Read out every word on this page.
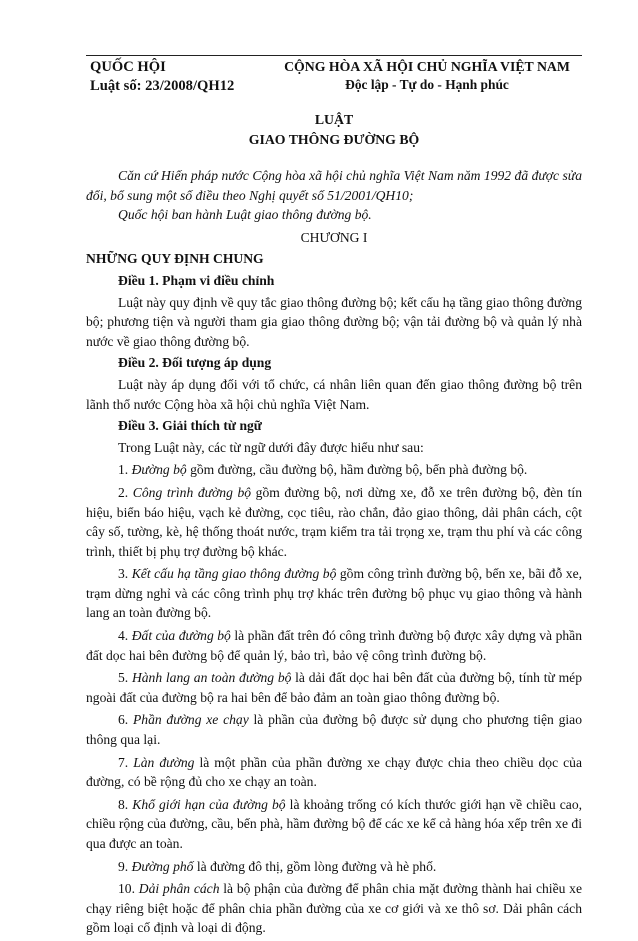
QUỐC HỘI
Luật số: 23/2008/QH12
CỘNG HÒA XÃ HỘI CHỦ NGHĨA VIỆT NAM
Độc lập - Tự do - Hạnh phúc
LUẬT
GIAO THÔNG ĐƯỜNG BỘ

Căn cứ Hiến pháp nước Cộng hòa xã hội chủ nghĩa Việt Nam năm 1992 đã được sửa đổi, bổ sung một số điều theo Nghị quyết số 51/2001/QH10;

Quốc hội ban hành Luật giao thông đường bộ.

CHƯƠNG I
NHỮNG QUY ĐỊNH CHUNG
Điều 1. Phạm vi điều chỉnh

Luật này quy định về quy tắc giao thông đường bộ; kết cấu hạ tầng giao thông đường bộ; phương tiện và người tham gia giao thông đường bộ; vận tải đường bộ và quản lý nhà nước về giao thông đường bộ.

Điều 2. Đối tượng áp dụng

Luật này áp dụng đối với tổ chức, cá nhân liên quan đến giao thông đường bộ trên lãnh thổ nước Cộng hòa xã hội chủ nghĩa Việt Nam.

Điều 3. Giải thích từ ngữ

Trong Luật này, các từ ngữ dưới đây được hiểu như sau:

1. Đường bộ gồm đường, cầu đường bộ, hầm đường bộ, bến phà đường bộ.

2. Công trình đường bộ gồm đường bộ, nơi dừng xe, đỗ xe trên đường bộ, đèn tín hiệu, biển báo hiệu, vạch kẻ đường, cọc tiêu, rào chắn, đảo giao thông, dải phân cách, cột cây số, tường, kè, hệ thống thoát nước, trạm kiểm tra tải trọng xe, trạm thu phí và các công trình, thiết bị phụ trợ đường bộ khác.

3. Kết cấu hạ tầng giao thông đường bộ gồm công trình đường bộ, bến xe, bãi đỗ xe, trạm dừng nghỉ và các công trình phụ trợ khác trên đường bộ phục vụ giao thông và hành lang an toàn đường bộ.

4. Đất của đường bộ là phần đất trên đó công trình đường bộ được xây dựng và phần đất dọc hai bên đường bộ để quản lý, bảo trì, bảo vệ công trình đường bộ.

5. Hành lang an toàn đường bộ là dải đất dọc hai bên đất của đường bộ, tính từ mép ngoài đất của đường bộ ra hai bên để bảo đảm an toàn giao thông đường bộ.

6. Phần đường xe chạy là phần của đường bộ được sử dụng cho phương tiện giao thông qua lại.

7. Làn đường là một phần của phần đường xe chạy được chia theo chiều dọc của đường, có bề rộng đủ cho xe chạy an toàn.

8. Khổ giới hạn của đường bộ là khoảng trống có kích thước giới hạn về chiều cao, chiều rộng của đường, cầu, bến phà, hầm đường bộ để các xe kể cả hàng hóa xếp trên xe đi qua được an toàn.

9. Đường phố là đường đô thị, gồm lòng đường và hè phố.

10. Dải phân cách là bộ phận của đường để phân chia mặt đường thành hai chiều xe chạy riêng biệt hoặc để phân chia phần đường của xe cơ giới và xe thô sơ. Dải phân cách gồm loại cố định và loại di động.
